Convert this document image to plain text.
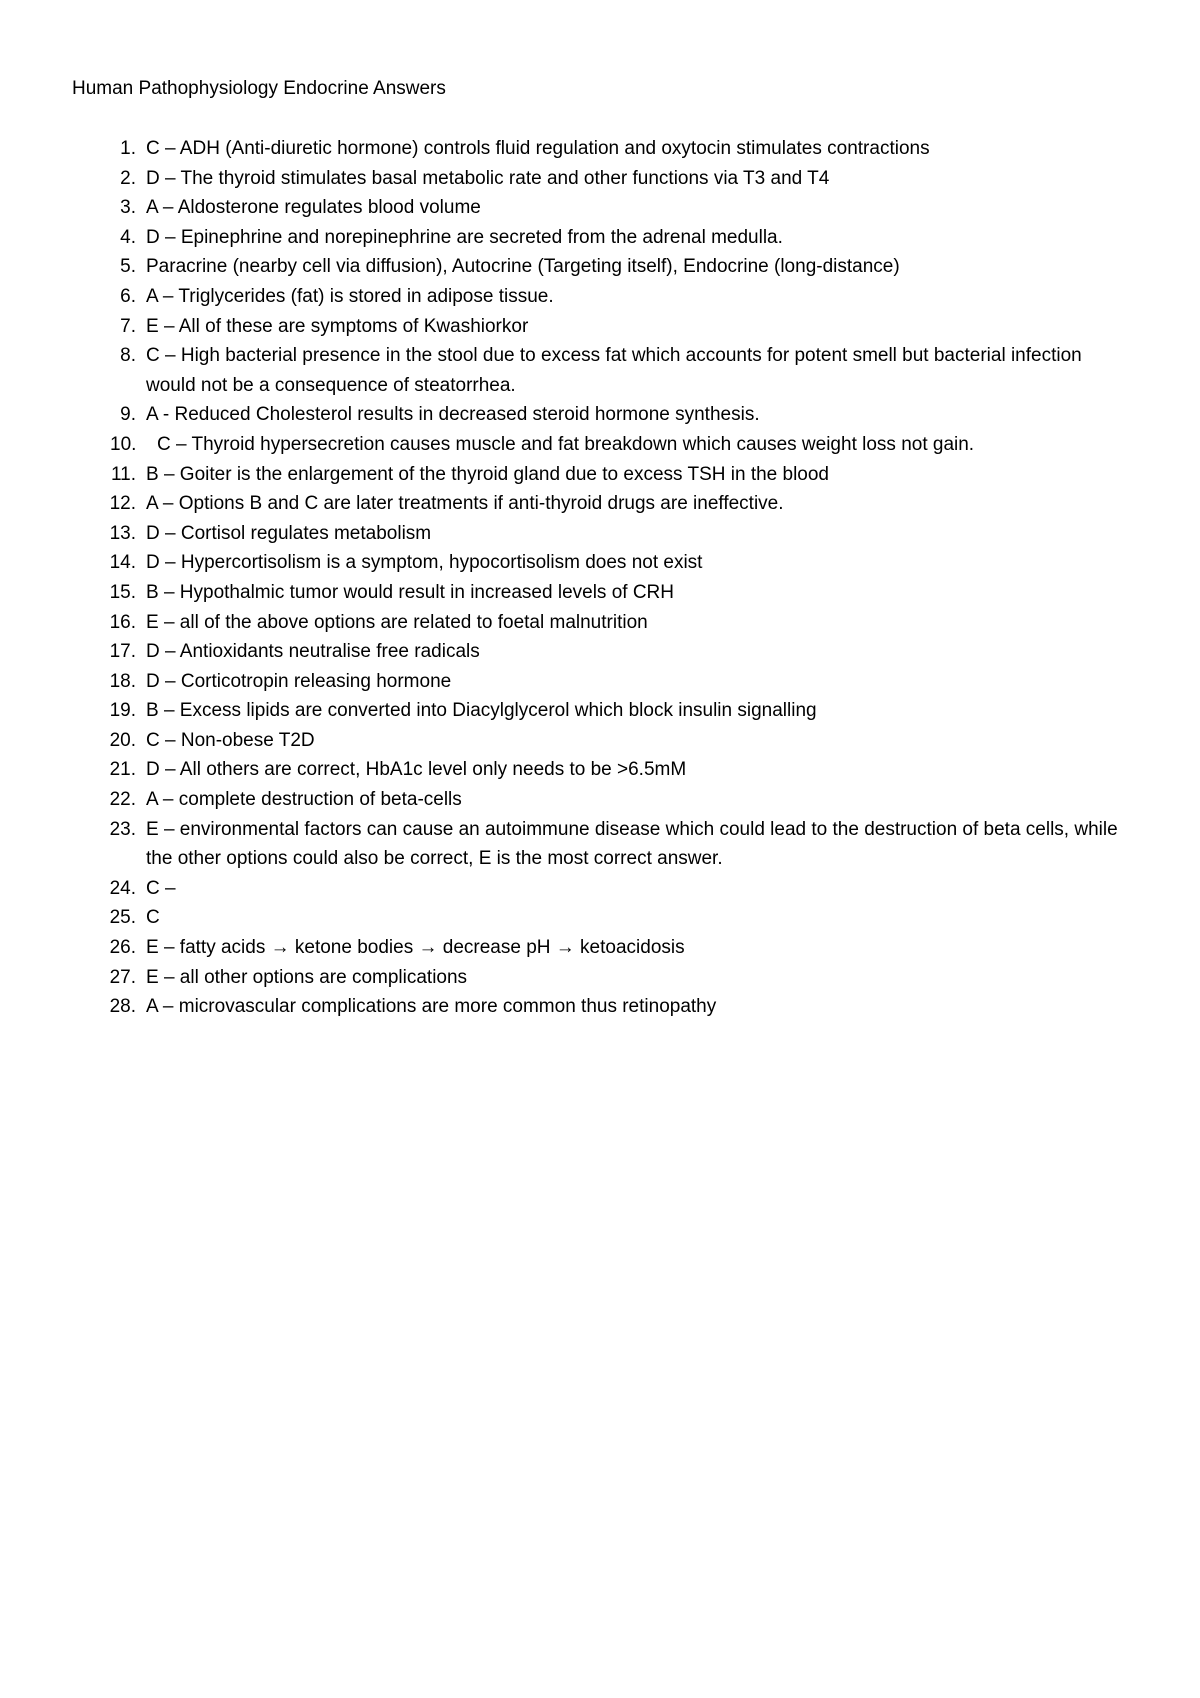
Human Pathophysiology Endocrine Answers
1. C – ADH (Anti-diuretic hormone) controls fluid regulation and oxytocin stimulates contractions
2. D – The thyroid stimulates basal metabolic rate and other functions via T3 and T4
3. A – Aldosterone regulates blood volume
4. D – Epinephrine and norepinephrine are secreted from the adrenal medulla.
5. Paracrine (nearby cell via diffusion), Autocrine (Targeting itself), Endocrine (long-distance)
6. A – Triglycerides (fat) is stored in adipose tissue.
7. E – All of these are symptoms of Kwashiorkor
8. C – High bacterial presence in the stool due to excess fat which accounts for potent smell but bacterial infection would not be a consequence of steatorrhea.
9. A - Reduced Cholesterol results in decreased steroid hormone synthesis.
10. C – Thyroid hypersecretion causes muscle and fat breakdown which causes weight loss not gain.
11. B – Goiter is the enlargement of the thyroid gland due to excess TSH in the blood
12. A – Options B and C are later treatments if anti-thyroid drugs are ineffective.
13. D – Cortisol regulates metabolism
14. D – Hypercortisolism is a symptom, hypocortisolism does not exist
15. B – Hypothalmic tumor would result in increased levels of CRH
16. E – all of the above options are related to foetal malnutrition
17. D – Antioxidants neutralise free radicals
18. D – Corticotropin releasing hormone
19. B – Excess lipids are converted into Diacylglycerol which block insulin signalling
20. C – Non-obese T2D
21. D – All others are correct, HbA1c level only needs to be >6.5mM
22. A – complete destruction of beta-cells
23. E – environmental factors can cause an autoimmune disease which could lead to the destruction of beta cells, while the other options could also be correct, E is the most correct answer.
24. C –
25. C
26. E – fatty acids → ketone bodies → decrease pH → ketoacidosis
27. E – all other options are complications
28. A – microvascular complications are more common thus retinopathy
